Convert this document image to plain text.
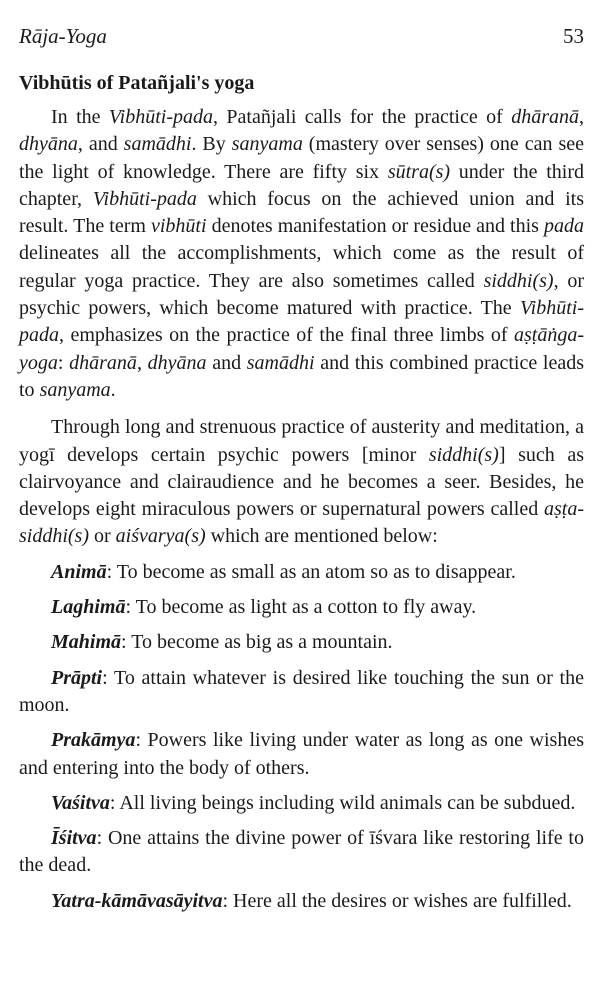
Rāja-Yoga	53
Vibhūtis of Patañjali's yoga

In the Vibhūti-pada, Patañjali calls for the practice of dhāranā, dhyāna, and samādhi. By sanyama (mastery over senses) one can see the light of knowledge. There are fifty six sūtra(s) under the third chapter, Vibhūti-pada which focus on the achieved union and its result. The term vibhūti denotes manifestation or residue and this pada delineates all the accomplishments, which come as the result of regular yoga practice. They are also sometimes called siddhi(s), or psychic powers, which become matured with practice. The Vibhūti-pada, emphasizes on the practice of the final three limbs of aṣṭāṅga-yoga: dhāranā, dhyāna and samādhi and this combined practice leads to sanyama.

Through long and strenuous practice of austerity and meditation, a yogī develops certain psychic powers [minor siddhi(s)] such as clairvoyance and clairaudience and he becomes a seer. Besides, he develops eight miraculous powers or supernatural powers called aṣṭa-siddhi(s) or aiśvarya(s) which are mentioned below:

Animā: To become as small as an atom so as to disappear.

Laghimā: To become as light as a cotton to fly away.

Mahimā: To become as big as a mountain.

Prāpti: To attain whatever is desired like touching the sun or the moon.

Prakāmya: Powers like living under water as long as one wishes and entering into the body of others.

Vaśitva: All living beings including wild animals can be subdued.

Īśitva: One attains the divine power of īśvara like restoring life to the dead.

Yatra-kāmāvasāyitva: Here all the desires or wishes are fulfilled.
